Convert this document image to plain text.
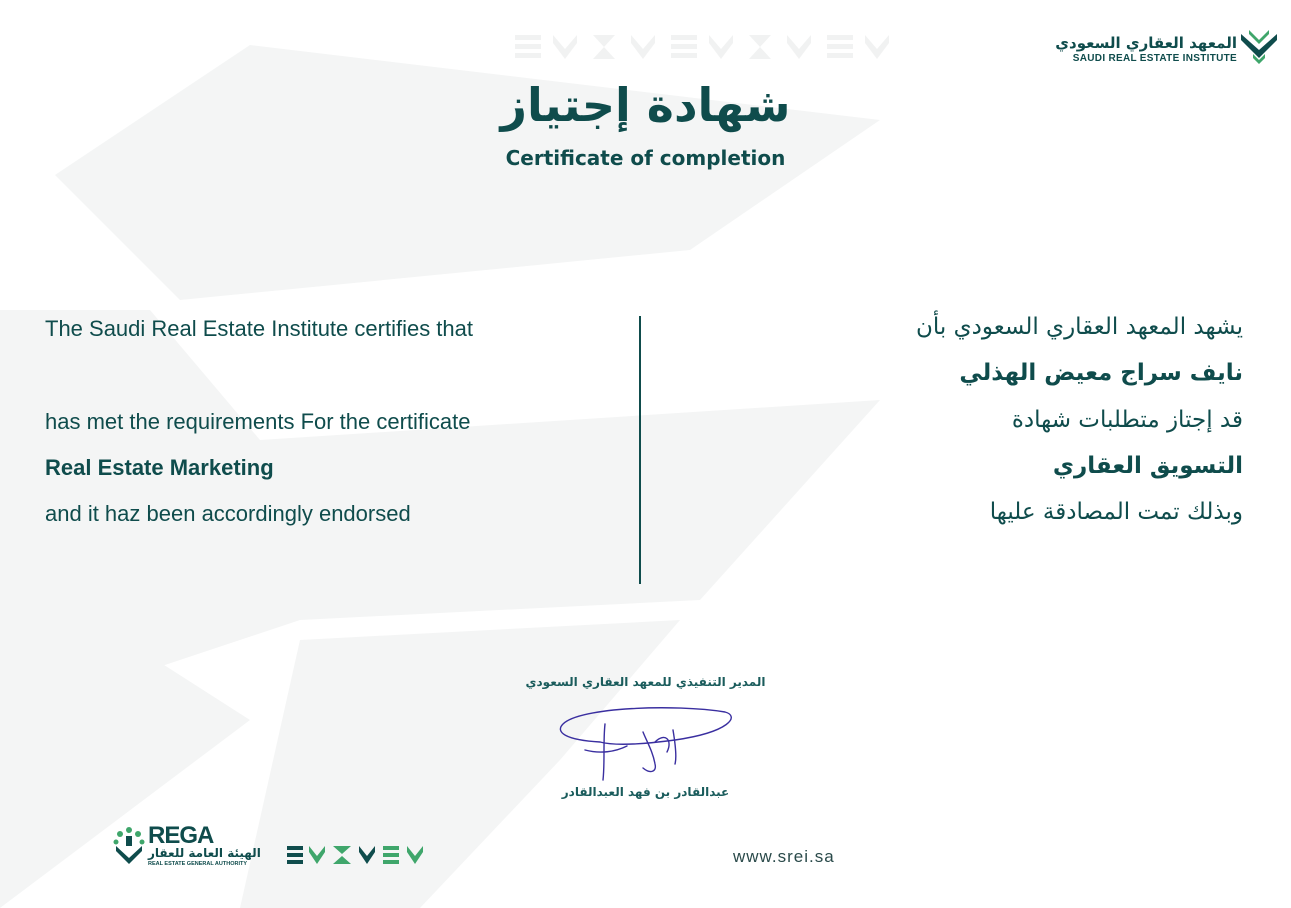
المعهد العقاري السعودي
SAUDI REAL ESTATE INSTITUTE
شهادة إجتياز
Certificate of completion
The Saudi Real Estate Institute certifies that
has met the requirements For the certificate
Real Estate Marketing
and it haz been accordingly endorsed
يشهد المعهد العقاري السعودي بأن
نايف سراج معيض الهذلي
قد إجتاز متطلبات شهادة
التسويق العقاري
وبذلك تمت المصادقة عليها
المدير التنفيذي للمعهد العقاري السعودي
عبدالقادر بن فهد العبدالقادر
REGA
الهيئة العامة للعقار
REAL ESTATE GENERAL AUTHORITY	www.srei.sa
